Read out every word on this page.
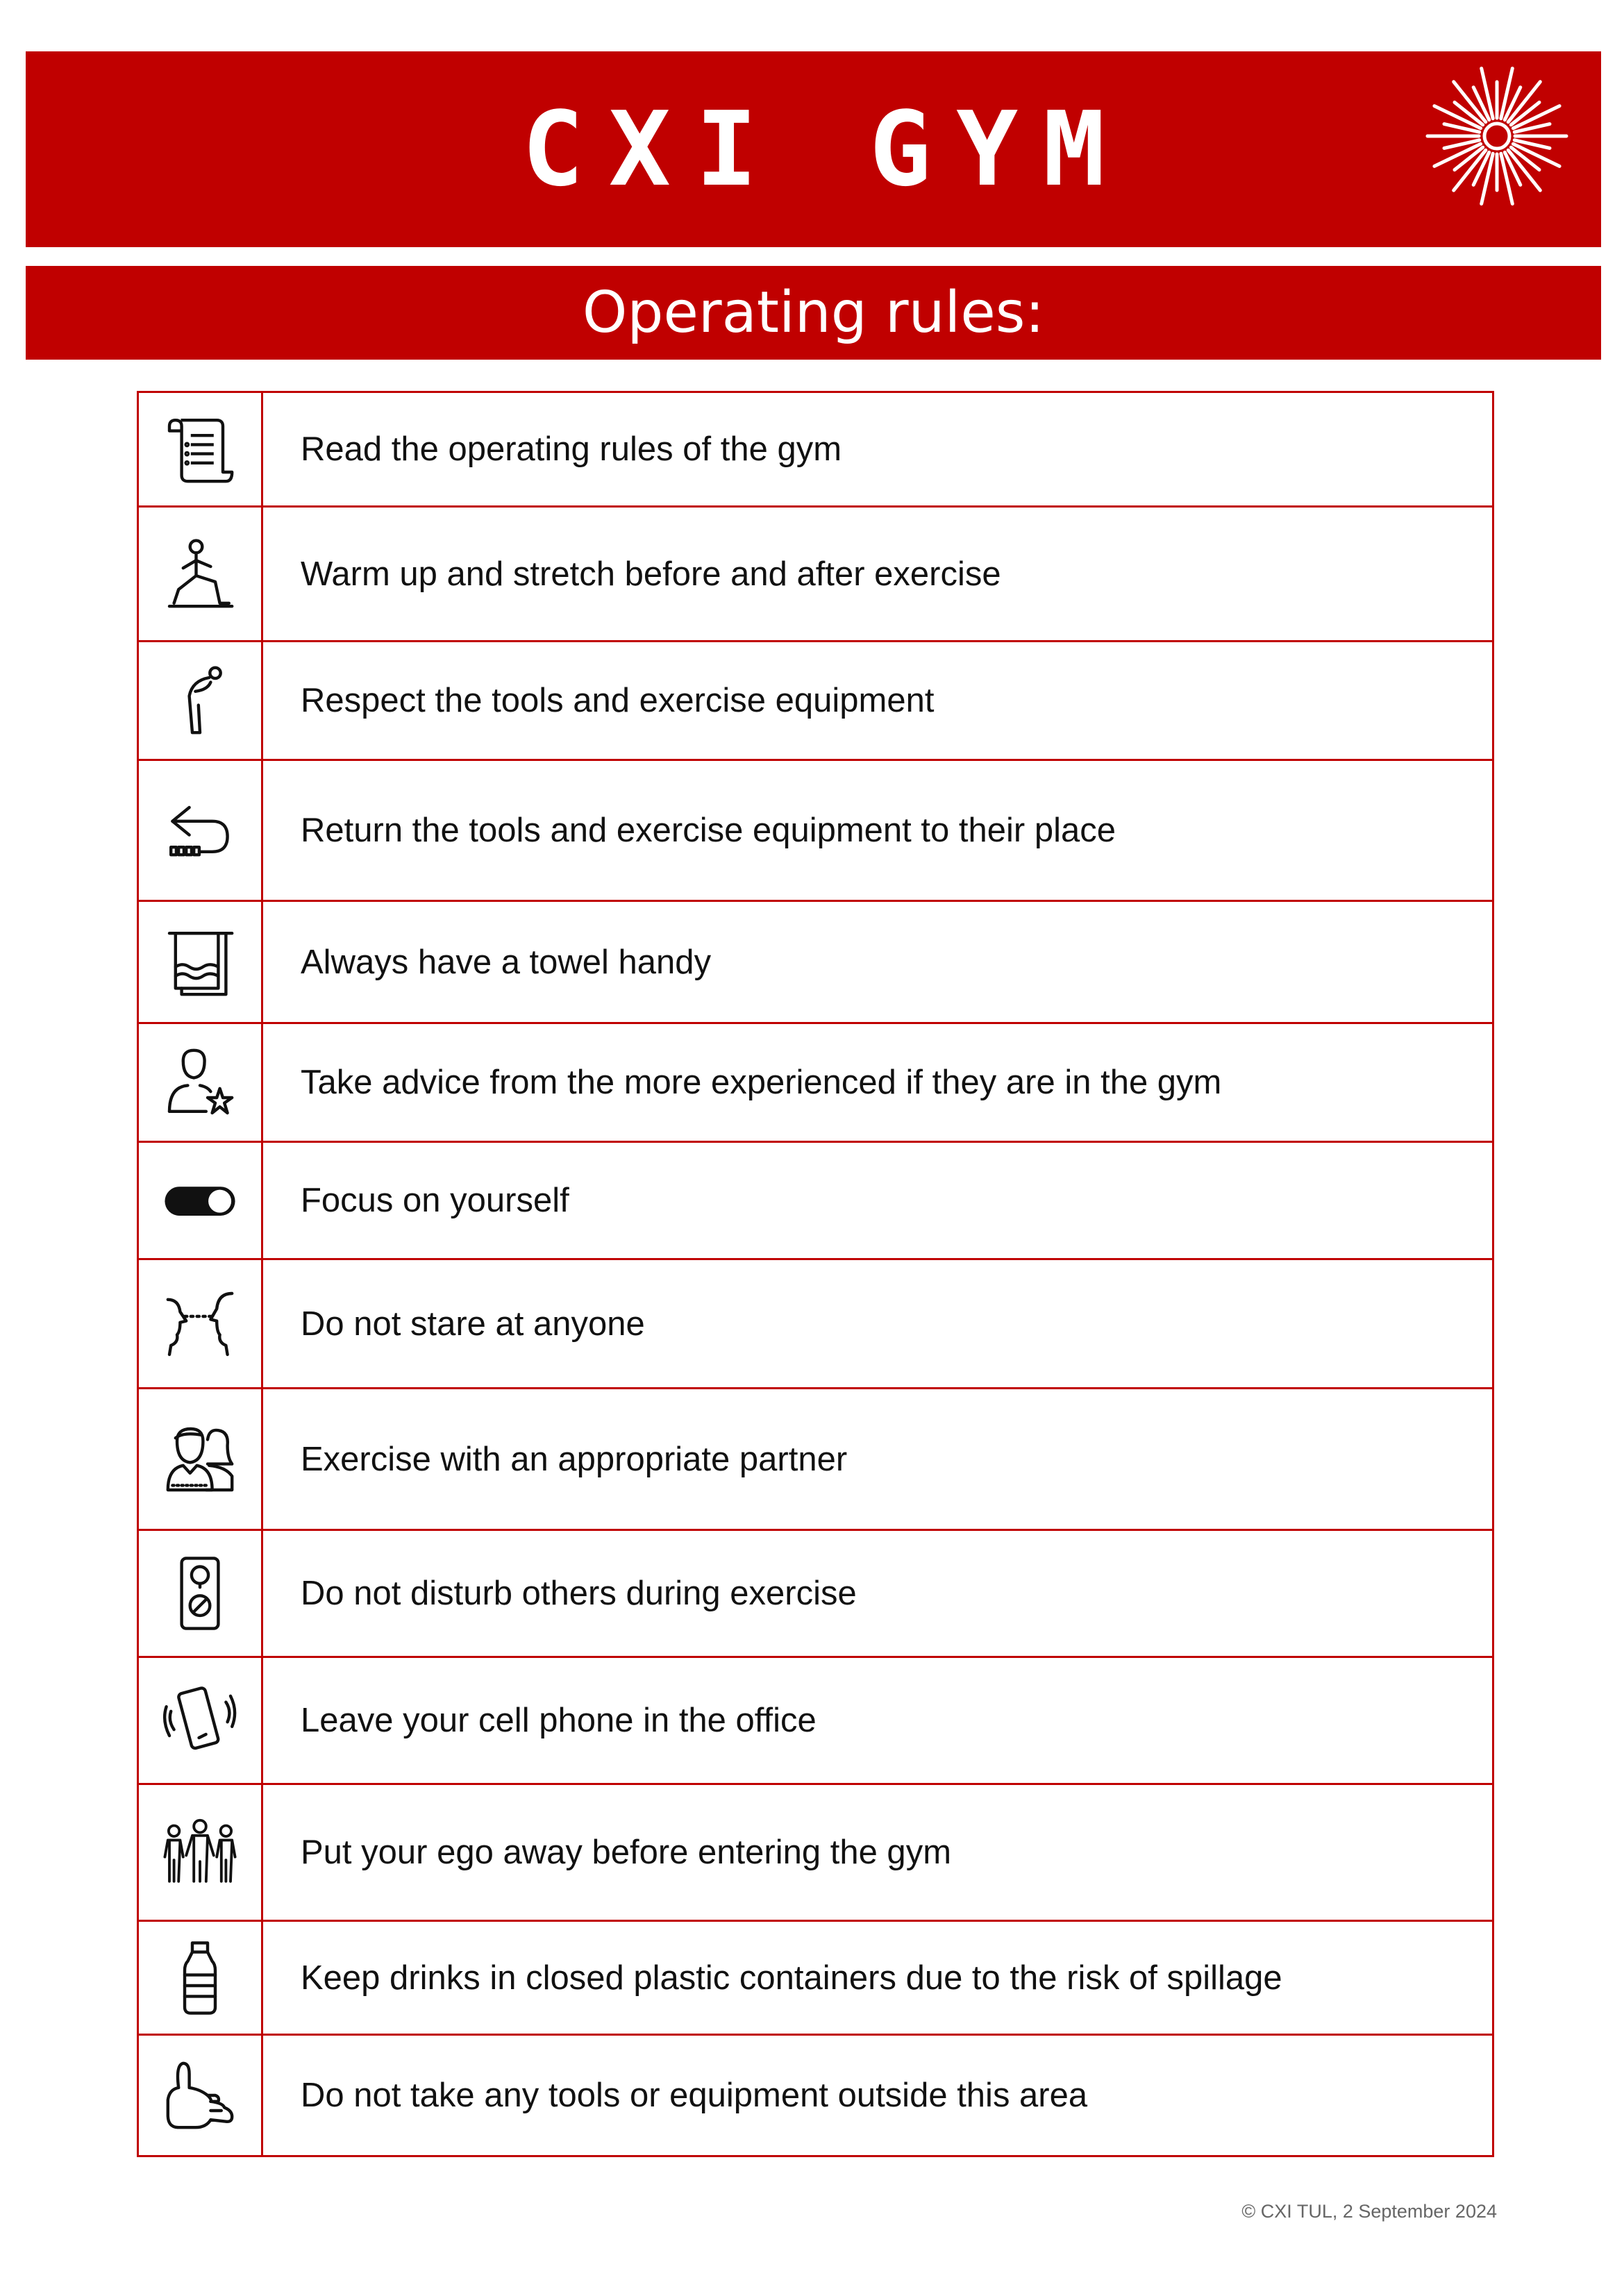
CXI GYM
Operating rules:
	Read the operating rules of the gym

	Warm up and stretch before and after exercise

	Respect the tools and exercise equipment

	Return the tools and exercise equipment to their place

	Always have a towel handy

	Take advice from the more experienced if they are in the gym

	Focus on yourself

	Do not stare at anyone

	Exercise with an appropriate partner

	Do not disturb others during exercise

	Leave your cell phone in the office

	Put your ego away before entering the gym

	Keep drinks in closed plastic containers due to the risk of spillage

	Do not take any tools or equipment outside this area
© CXI TUL, 2 September 2024
